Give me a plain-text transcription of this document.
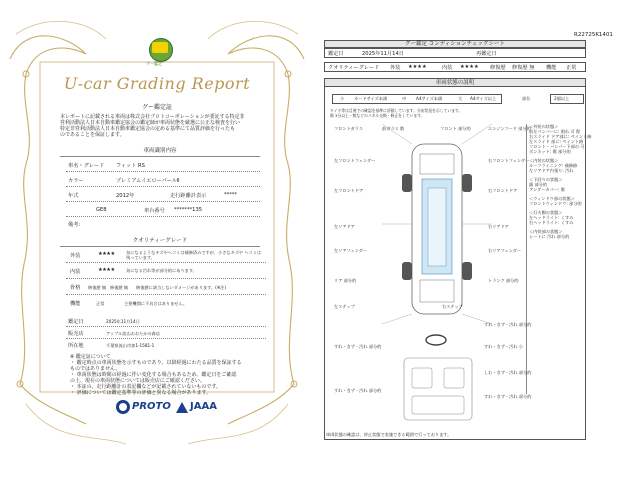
グー鑑定
U-car Grading Report
グー鑑定証
本レポートに記載される車両は株式会社プロトコーポレーションが委託する特定非
営利活動法人日本自動車鑑定協会の鑑定師が車両状態を厳選に公正な検査を行い
特定非営利活動法人日本自動車鑑定協会の定める基準にて品質評価を行ったも
のであることを保証します。
車両識別内容
車名・グレード フィット RS
カラー	プレミアムイエローパールⅡ
年式	2012年	走行距離計表示	*****
GE8	車台番号 *******135
備考:
クオリティーグレード
外装	★★★★	気になるようなキズやヘコミは補修済みですが、小さなキズや ヘコミは残っています。
内装	★★★★	気になる汚れ等が部分的にあります。
骨格 修復歴 無 修復歴 無 修復歴に該当しないダメージがあります。(※注)
機能	正常	主要機関に不具合はありません。
鑑定日	2025年11月14日
販売店	アップル流山おおたかの森店
所在地	千葉県流山市加1-1581-1
※ 鑑定証について
・ 鑑定時点の車両状態を示すものであり、以降経過にわたる品質を保証する
ものではありません。
・ 車両状態は時間の経過に伴い変化する場合もあるため、鑑定日をご確認
の上、現在の車両状態については販売店にご確認ください。
・ 本証の、走行距離計の表記欄などが記載されていないものです。
・ 評価については鑑定基準等の評価と異なる場合があります。
PROTO JAAA
R22725K1401
グー鑑定 コンディションチェックシート
鑑定日	2025年11月14日	再鑑定日
クオリティーグレード 外装 ★★★★	内装 ★★★★ 修復歴 修復歴 無 機能 正常
車両状態の説明
小 カードサイズ未満	中 A4サイズ未満	大 A4サイズ以上	部位	2個以上
タイヤ等は目視での確認を基準に評価しています。分布状況を示しています。
傷 3分以上一般などのパネル交換・修正をしています。
フロントガラス	前ガラス 数	フロント 部分的	エンジンフード 部分的
左フロントフェンダー	右フロントフェンダー
左フロントドア	右フロントドア
左リアドア	右リアドア
左リアフェンダー	右リアフェンダー
リア 部分的	トランク 部分的
左ステップ	右ステップ
＜外装の状態＞
前左バンパーに: 削れ 可 程
右スライド ドア部に: ペイント跡
左スライド 部に: ペイント跡
フロント・バンパー下部の 可
ボンネット: 傷 部分的
＜内装の状態＞
ルーフライニング: 補修跡
左リアドア内張り: 汚れ
＜下回りの状態＞
錆 部分的
アンダーカバー: 傷
＜ウィンドウ部の状態＞
フロントウィンドウ: 部分的
＜灯火類の状態＞
左ヘッドライト: くすみ
右ヘッドライト: くすみ
＜内装部の状態＞
シートに 汚れ 部分的
すれ・きず・汚れ 部分的
すれ・きず・汚れ 部分的	すれ・きず・汚れ 小
しわ・きず・汚れ 部分的
すれ・きず・汚れ 部分的
すれ・きず・汚れ 部分的
車両状態の確認は、停止状態で実施できる範囲で行っております。
